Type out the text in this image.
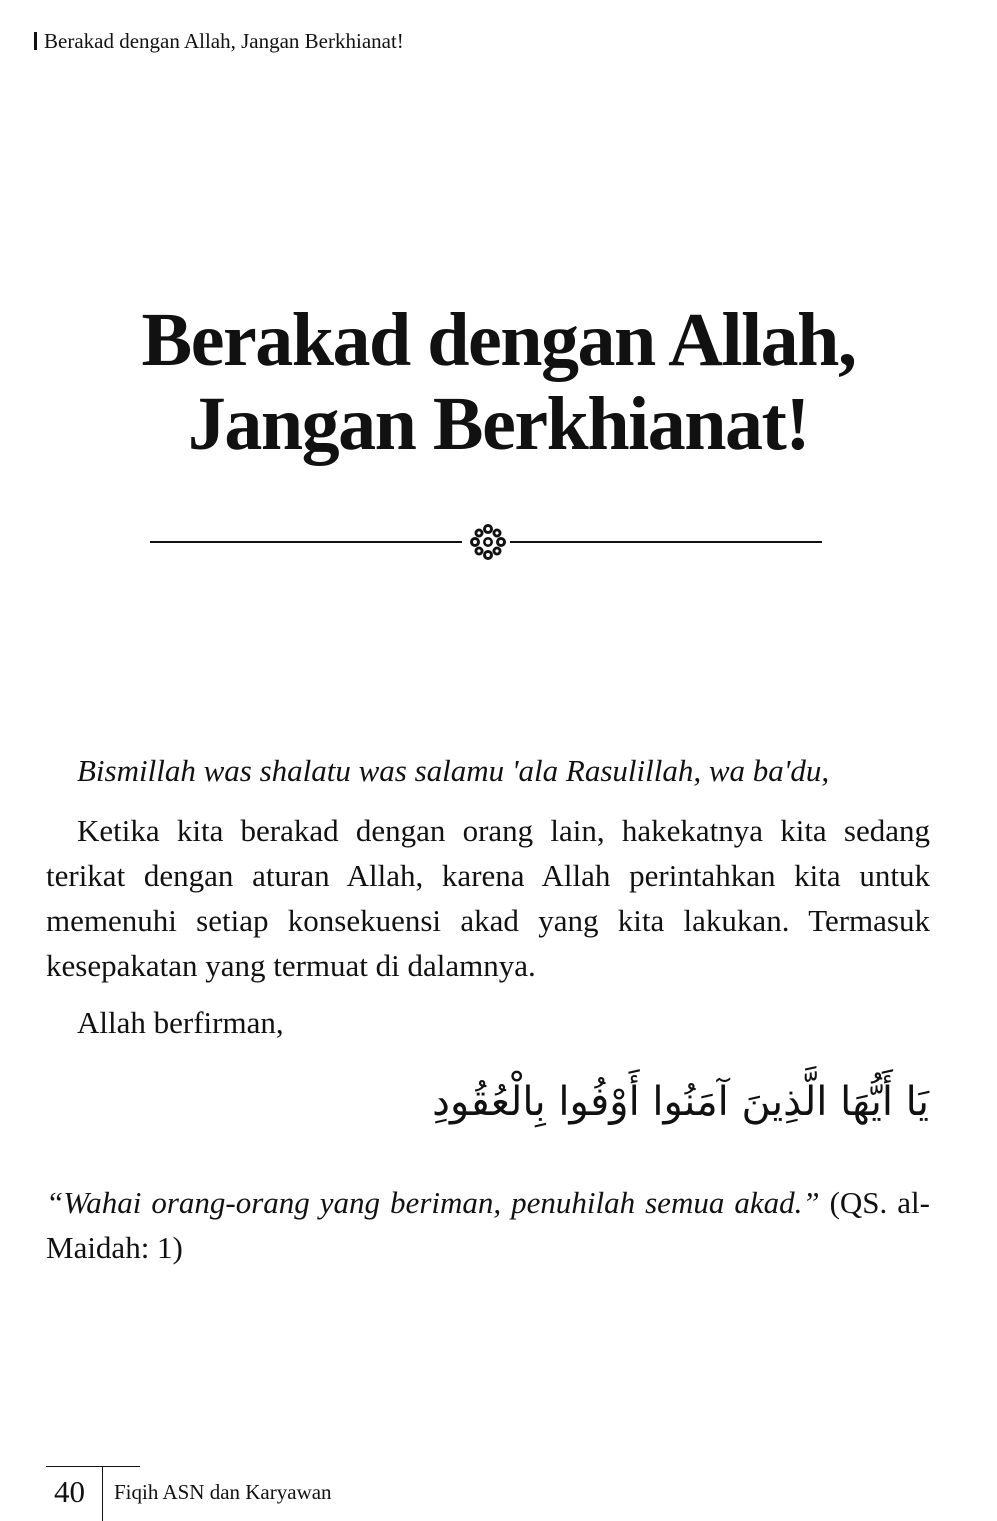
Berakad dengan Allah, Jangan Berkhianat!
Berakad dengan Allah,
Jangan Berkhianat!

Bismillah was shalatu was salamu 'ala Rasulillah, wa ba'du,

Ketika kita berakad dengan orang lain, hakekatnya kita sedang terikat dengan aturan Allah, karena Allah perintahkan kita untuk memenuhi setiap konsekuensi akad yang kita lakukan. Termasuk kesepakatan yang termuat di dalamnya.

Allah berfirman,

يَا أَيُّهَا الَّذِينَ آمَنُوا أَوْفُوا بِالْعُقُودِ

“Wahai orang-orang yang beriman, penuhilah semua akad.” (QS. al-Maidah: 1)

40 Fiqih ASN dan Karyawan
